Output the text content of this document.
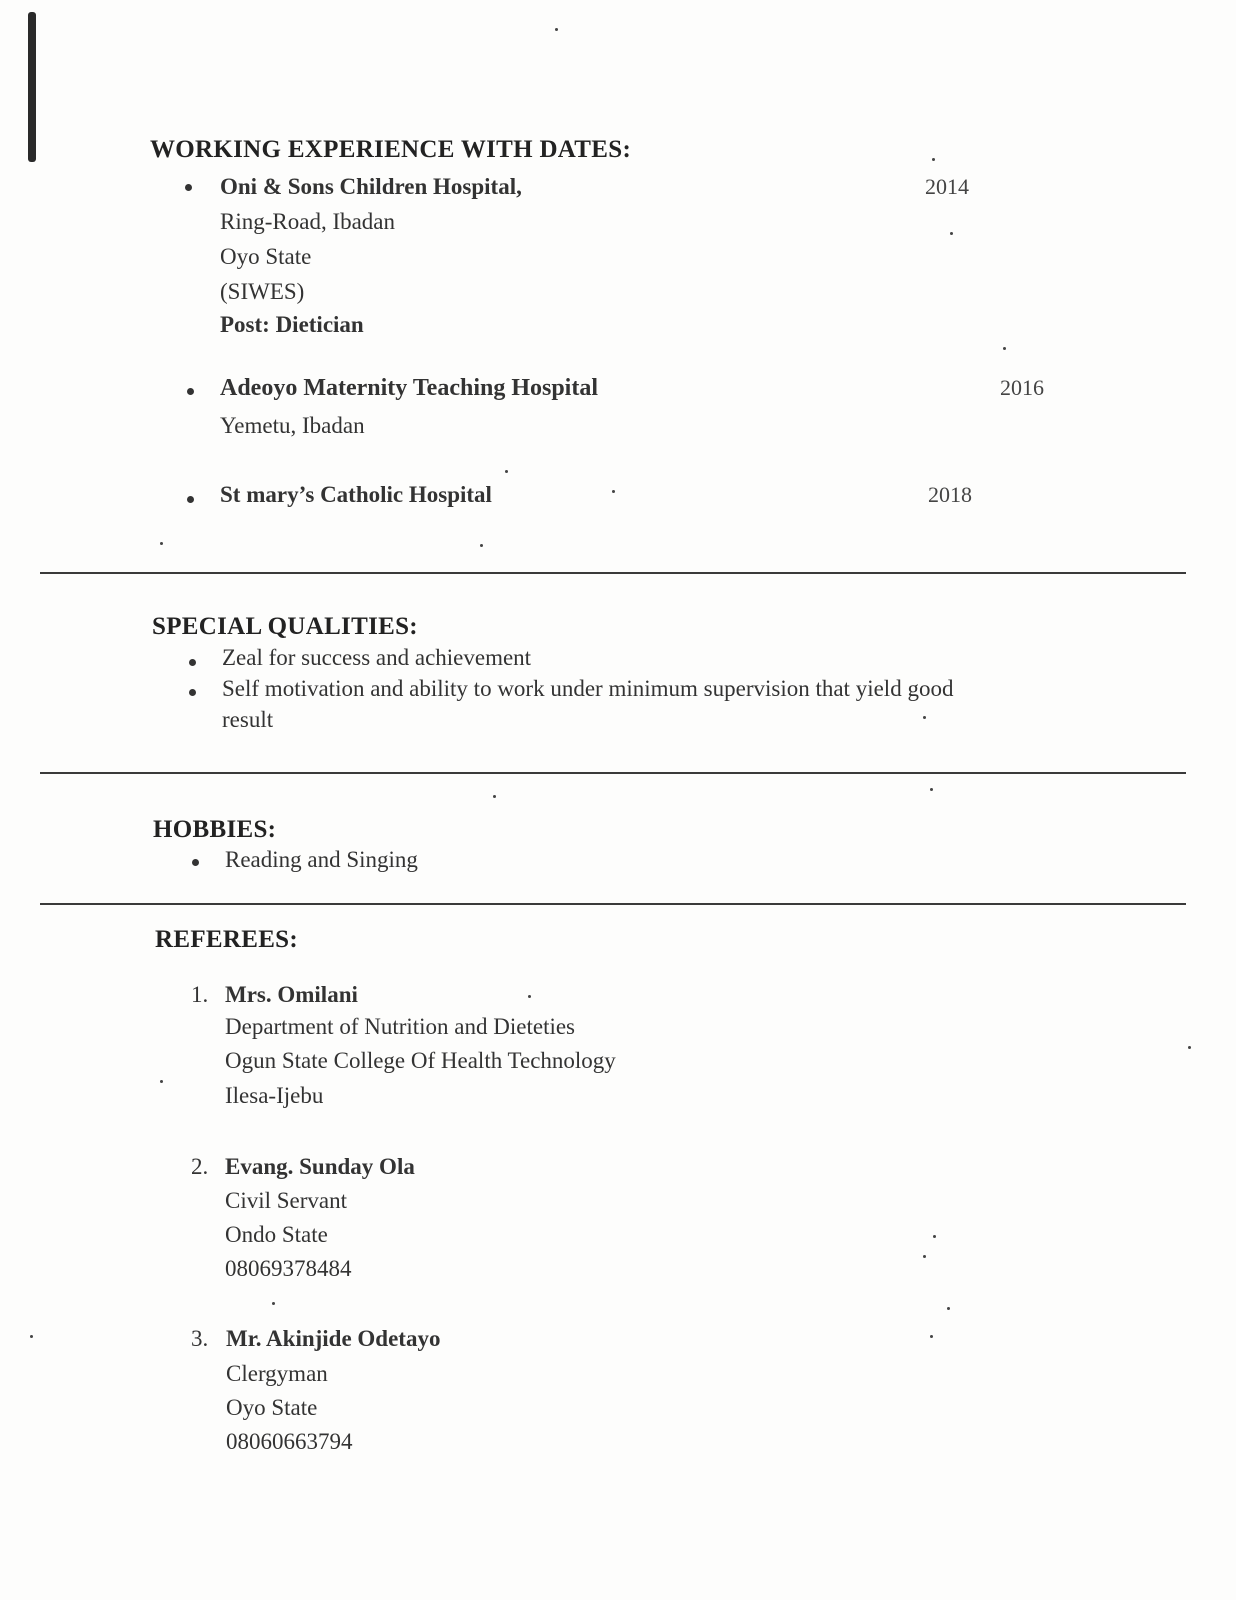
WORKING EXPERIENCE WITH DATES:
Oni & Sons Children Hospital,	2014
Ring-Road, Ibadan
Oyo State
(SIWES)
Post: Dietician
Adeoyo Maternity Teaching Hospital	2016
Yemetu, Ibadan
St mary’s Catholic Hospital	2018
SPECIAL QUALITIES:
Zeal for success and achievement
Self motivation and ability to work under minimum supervision that yield good
result
HOBBIES:
Reading and Singing
REFEREES:
1. Mrs. Omilani
Department of Nutrition and Dieteties
Ogun State College Of Health Technology
Ilesa-Ijebu
2. Evang. Sunday Ola
Civil Servant
Ondo State
08069378484
3. Mr. Akinjide Odetayo
Clergyman
Oyo State
08060663794
